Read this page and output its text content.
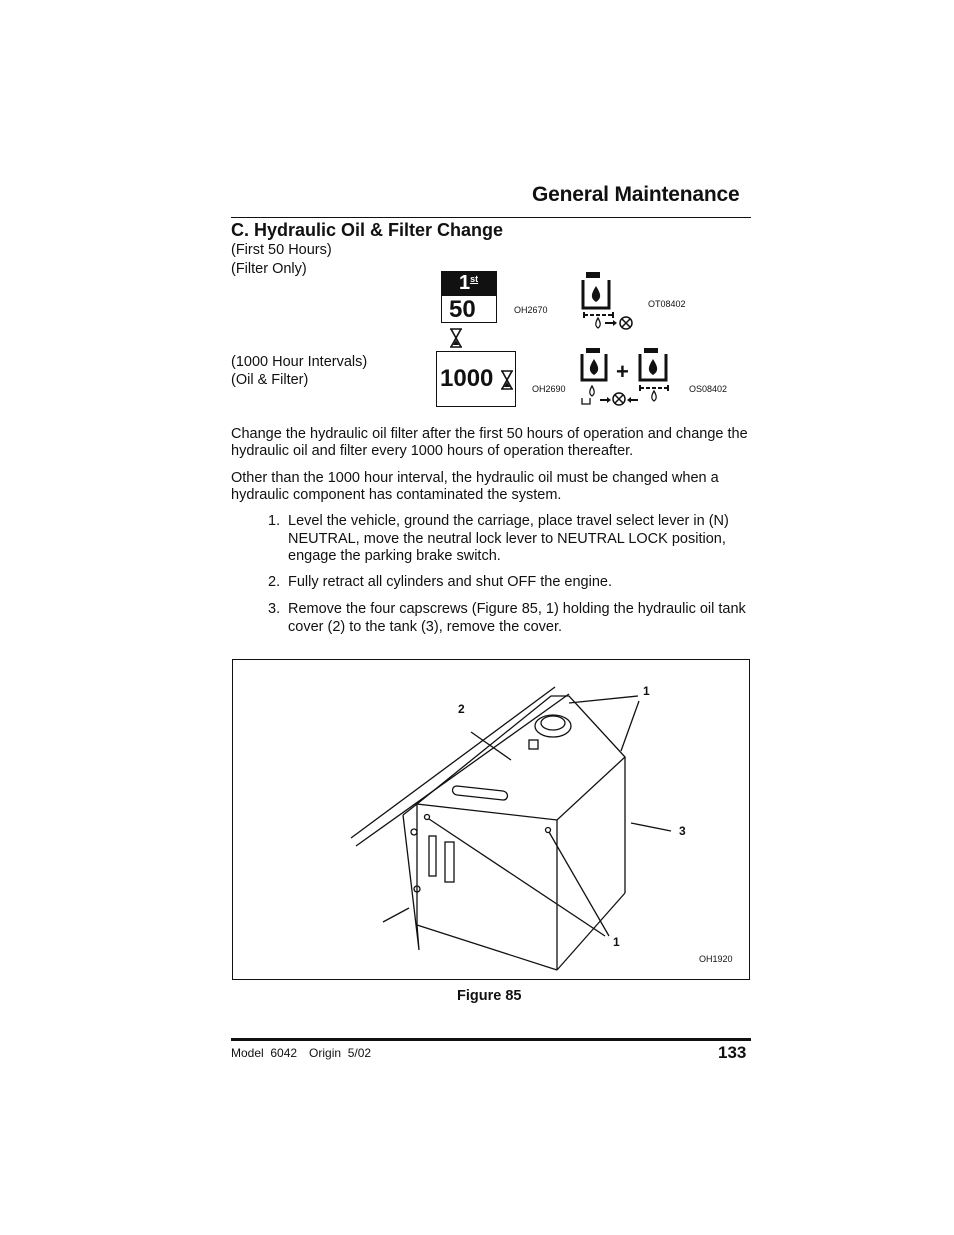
General Maintenance
C. Hydraulic Oil & Filter Change
(First 50 Hours)
(Filter Only)
(1000 Hour Intervals)
(Oil & Filter)
1st
50	OH2670
OT08402
1000	OH2690
+
OS08402
Change the hydraulic oil filter after the first 50 hours of operation and change the hydraulic oil and filter every 1000 hours of operation thereafter.
Other than the 1000 hour interval, the hydraulic oil must be changed when a hydraulic component has contaminated the system.
1. Level the vehicle, ground the carriage, place travel select lever in (N) NEUTRAL, move the neutral lock lever to NEUTRAL LOCK position, engage the parking brake switch.
2. Fully retract all cylinders and shut OFF the engine.
3. Remove the four capscrews (Figure 85, 1) holding the hydraulic oil tank cover (2) to the tank (3), remove the cover.
1
2
3
1
OH1920
Figure 85
Model  6042 Origin  5/02	133
